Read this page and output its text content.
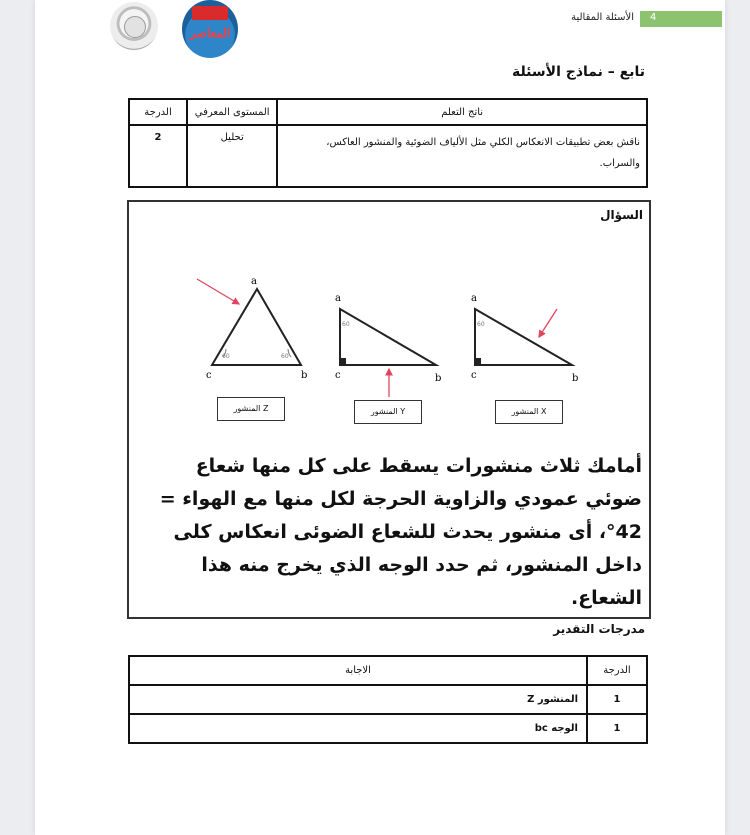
المعاصر
4
الأسئلة المقالية
تابع – نماذج الأسئلة
ناتج التعلم	المستوى المعرفي	الدرجة
ناقش بعض تطبيقات الانعكاس الكلي مثل الألياف الضوئية والمنشور العاكس، والسراب.	تحليل	2
السؤال
a
c	b
60	60
a
c	b
60
a
c	b
60
المنشور Z	المنشور Y	المنشور X
أمامك ثلاث منشورات يسقط على كل منها شعاع ضوئي عمودي والزاوية الحرجة لكل منها مع الهواء = 42°، أى منشور يحدث للشعاع الضوئى انعكاس كلى داخل المنشور، ثم حدد الوجه الذي يخرج منه هذا الشعاع.
مدرجات التقدير
الدرجة	الاجابة
1	المنشور Z
1	الوجه bc
